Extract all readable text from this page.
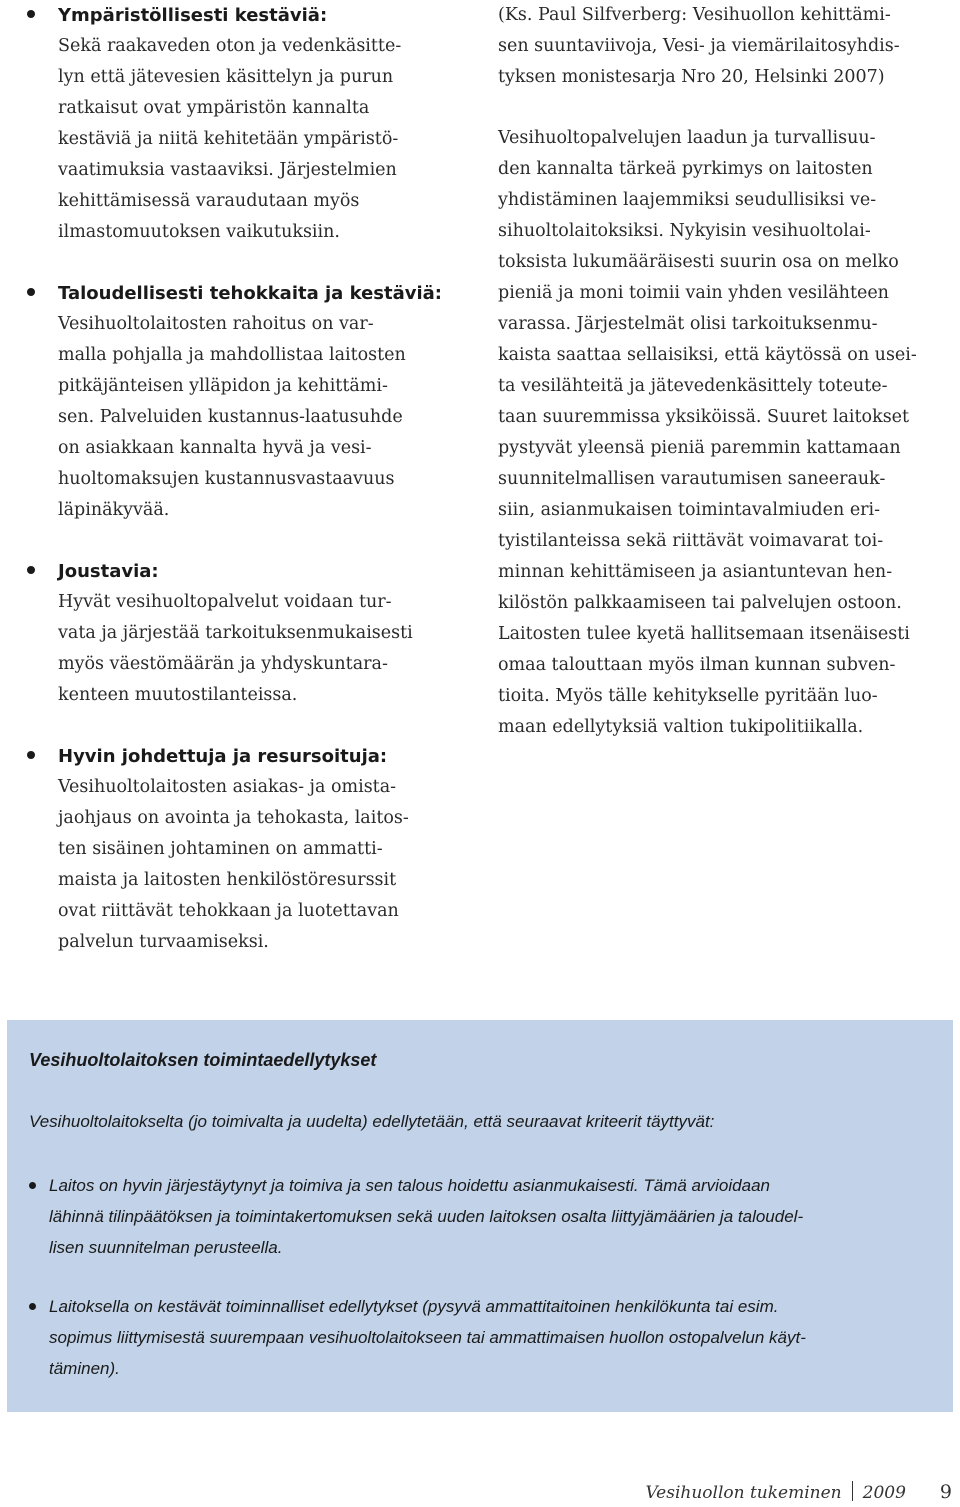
Ympäristöllisesti kestäviä:

Sekä raakaveden oton ja vedenkäsitte-
lyn että jätevesien käsittelyn ja purun
ratkaisut ovat ympäristön kannalta
kestäviä ja niitä kehitetään ympäristö-
vaatimuksia vastaaviksi. Järjestelmien
kehittämisessä varaudutaan myös
ilmastomuutoksen vaikutuksiin.

Taloudellisesti tehokkaita ja kestäviä:

Vesihuoltolaitosten rahoitus on var-
malla pohjalla ja mahdollistaa laitosten
pitkäjänteisen ylläpidon ja kehittämi-
sen. Palveluiden kustannus-laatusuhde
on asiakkaan kannalta hyvä ja vesi-
huoltomaksujen kustannusvastaavuus
läpinäkyvää.

Joustavia:

Hyvät vesihuoltopalvelut voidaan tur-
vata ja järjestää tarkoituksenmukaisesti
myös väestömäärän ja yhdyskuntara-
kenteen muutostilanteissa.

Hyvin johdettuja ja resursoituja:

Vesihuoltolaitosten asiakas- ja omista-
jaohjaus on avointa ja tehokasta, laitos-
ten sisäinen johtaminen on ammatti-
maista ja laitosten henkilöstöresurssit
ovat riittävät tehokkaan ja luotettavan
palvelun turvaamiseksi.

(Ks. Paul Silfverberg: Vesihuollon kehittämi-
sen suuntaviivoja, Vesi- ja viemärilaitosyhdis-
tyksen monistesarja Nro 20, Helsinki 2007)

Vesihuoltopalvelujen laadun ja turvallisuu-
den kannalta tärkeä pyrkimys on laitosten
yhdistäminen laajemmiksi seudullisiksi ve-
sihuoltolaitoksiksi. Nykyisin vesihuoltolai-
toksista lukumääräisesti suurin osa on melko
pieniä ja moni toimii vain yhden vesilähteen
varassa. Järjestelmät olisi tarkoituksenmu-
kaista saattaa sellaisiksi, että käytössä on usei-
ta vesilähteitä ja jätevedenkäsittely toteute-
taan suuremmissa yksiköissä. Suuret laitokset
pystyvät yleensä pieniä paremmin kattamaan
suunnitelmallisen varautumisen saneerauk-
siin, asianmukaisen toimintavalmiuden eri-
tyistilanteissa sekä riittävät voimavarat toi-
minnan kehittämiseen ja asiantuntevan hen-
kilöstön palkkaamiseen tai palvelujen ostoon.
Laitosten tulee kyetä hallitsemaan itsenäisesti
omaa talouttaan myös ilman kunnan subven-
tioita. Myös tälle kehitykselle pyritään luo-
maan edellytyksiä valtion tukipolitiikalla.

Vesihuoltolaitoksen toimintaedellytykset
Vesihuoltolaitokselta (jo toimivalta ja uudelta) edellytetään, että seuraavat kriteerit täyttyvät:
Laitos on hyvin järjestäytynyt ja toimiva ja sen talous hoidettu asianmukaisesti. Tämä arvioidaan
lähinnä tilinpäätöksen ja toimintakertomuksen sekä uuden laitoksen osalta liittyjämäärien ja taloudel-
lisen suunnitelman perusteella.
Laitoksella on kestävät toiminnalliset edellytykset (pysyvä ammattitaitoinen henkilökunta tai esim.
sopimus liittymisestä suurempaan vesihuoltolaitokseen tai ammattimaisen huollon ostopalvelun käyt-
täminen).
Vesihuollon tukeminen 2009 9
